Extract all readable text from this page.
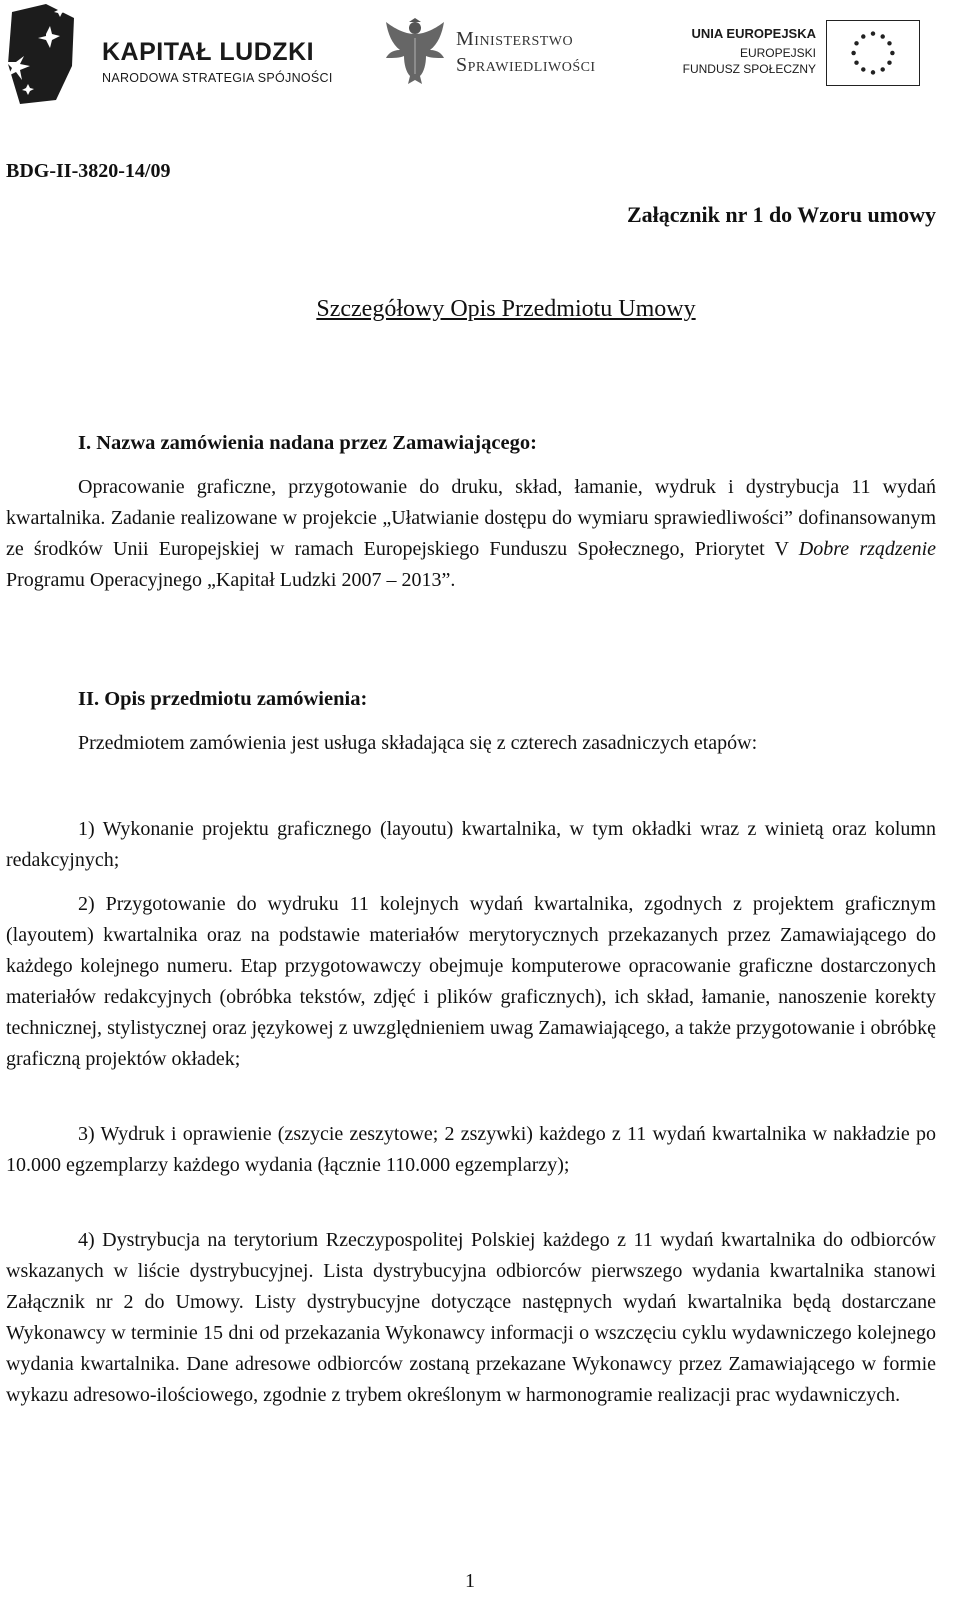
KAPITAŁ LUDZKI
NARODOWA STRATEGIA SPÓJNOŚCI
Ministerstwo
Sprawiedliwości
UNIA EUROPEJSKA
EUROPEJSKI
FUNDUSZ SPOŁECZNY
BDG-II-3820-14/09
Załącznik nr 1 do Wzoru umowy
Szczegółowy Opis Przedmiotu Umowy
I. Nazwa zamówienia nadana przez Zamawiającego:

Opracowanie graficzne, przygotowanie do druku, skład, łamanie, wydruk i dystrybucja 11 wydań kwartalnika. Zadanie realizowane w projekcie „Ułatwianie dostępu do wymiaru sprawiedliwości” dofinansowanym ze środków Unii Europejskiej w ramach Europejskiego Funduszu Społecznego, Priorytet V Dobre rządzenie Programu Operacyjnego „Kapitał Ludzki 2007 – 2013”.

II. Opis przedmiotu zamówienia:

Przedmiotem zamówienia jest usługa składająca się z czterech zasadniczych etapów:

1) Wykonanie projektu graficznego (layoutu) kwartalnika, w tym okładki wraz z winietą oraz kolumn redakcyjnych;

2) Przygotowanie do wydruku 11 kolejnych wydań kwartalnika, zgodnych z projektem graficznym (layoutem) kwartalnika oraz na podstawie materiałów merytorycznych przekazanych przez Zamawiającego do każdego kolejnego numeru. Etap przygotowawczy obejmuje komputerowe opracowanie graficzne dostarczonych materiałów redakcyjnych (obróbka tekstów, zdjęć i plików graficznych), ich skład, łamanie, nanoszenie korekty technicznej, stylistycznej oraz językowej z uwzględnieniem uwag Zamawiającego, a także przygotowanie i obróbkę graficzną projektów okładek;

3) Wydruk i oprawienie (zszycie zeszytowe; 2 zszywki) każdego z 11 wydań kwartalnika w nakładzie po 10.000 egzemplarzy każdego wydania (łącznie 110.000 egzemplarzy);

4) Dystrybucja na terytorium Rzeczypospolitej Polskiej każdego z 11 wydań kwartalnika do odbiorców wskazanych w liście dystrybucyjnej. Lista dystrybucyjna odbiorców pierwszego wydania kwartalnika stanowi Załącznik nr 2 do Umowy. Listy dystrybucyjne dotyczące następnych wydań kwartalnika będą dostarczane Wykonawcy w terminie 15 dni od przekazania Wykonawcy informacji o wszczęciu cyklu wydawniczego kolejnego wydania kwartalnika. Dane adresowe odbiorców zostaną przekazane Wykonawcy przez Zamawiającego w formie wykazu adresowo-ilościowego, zgodnie z trybem określonym w harmonogramie realizacji prac wydawniczych.

1
